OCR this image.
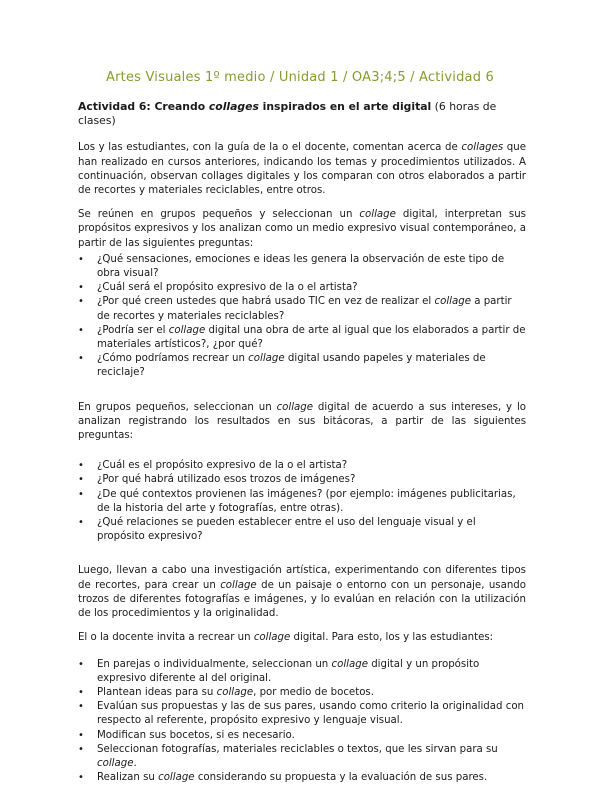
Artes Visuales 1º medio / Unidad 1 / OA3;4;5 / Actividad 6
Actividad 6: Creando collages inspirados en el arte digital (6 horas de clases)

Los y las estudiantes, con la guía de la o el docente, comentan acerca de collages que han realizado en cursos anteriores, indicando los temas y procedimientos utilizados. A continuación, observan collages digitales y los comparan con otros elaborados a partir de recortes y materiales reciclables, entre otros.

Se reúnen en grupos pequeños y seleccionan un collage digital, interpretan sus propósitos expresivos y los analizan como un medio expresivo visual contemporáneo, a partir de las siguientes preguntas:

• ¿Qué sensaciones, emociones e ideas les genera la observación de este tipo de obra visual?
• ¿Cuál será el propósito expresivo de la o el artista?
• ¿Por qué creen ustedes que habrá usado TIC en vez de realizar el collage a partir de recortes y materiales reciclables?
• ¿Podría ser el collage digital una obra de arte al igual que los elaborados a partir de materiales artísticos?, ¿por qué?
• ¿Cómo podríamos recrear un collage digital usando papeles y materiales de reciclaje?

En grupos pequeños, seleccionan un collage digital de acuerdo a sus intereses, y lo analizan registrando los resultados en sus bitácoras, a partir de las siguientes preguntas:

• ¿Cuál es el propósito expresivo de la o el artista?
• ¿Por qué habrá utilizado esos trozos de imágenes?
• ¿De qué contextos provienen las imágenes? (por ejemplo: imágenes publicitarias, de la historia del arte y fotografías, entre otras).
• ¿Qué relaciones se pueden establecer entre el uso del lenguaje visual y el propósito expresivo?

Luego, llevan a cabo una investigación artística, experimentando con diferentes tipos de recortes, para crear un collage de un paisaje o entorno con un personaje, usando trozos de diferentes fotografías e imágenes, y lo evalúan en relación con la utilización de los procedimientos y la originalidad.

El o la docente invita a recrear un collage digital. Para esto, los y las estudiantes:

• En parejas o individualmente, seleccionan un collage digital y un propósito expresivo diferente al del original.
• Plantean ideas para su collage, por medio de bocetos.
• Evalúan sus propuestas y las de sus pares, usando como criterio la originalidad con respecto al referente, propósito expresivo y lenguaje visual.
• Modifican sus bocetos, si es necesario.
• Seleccionan fotografías, materiales reciclables o textos, que les sirvan para su collage.
• Realizan su collage considerando su propuesta y la evaluación de sus pares.
